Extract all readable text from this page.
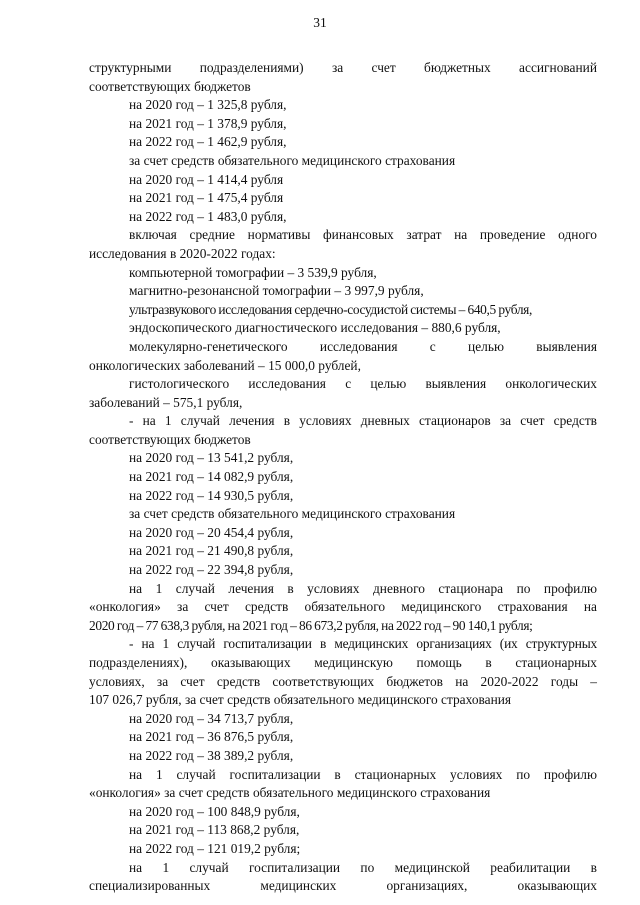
31
структурными подразделениями) за счет бюджетных ассигнований
соответствующих бюджетов
на 2020 год – 1 325,8 рубля,
на 2021 год – 1 378,9 рубля,
на 2022 год – 1 462,9 рубля,
за счет средств обязательного медицинского страхования
на 2020 год – 1 414,4 рубля
на 2021 год – 1 475,4 рубля
на 2022 год – 1 483,0 рубля,
включая средние нормативы финансовых затрат на проведение одного
исследования в 2020-2022 годах:
компьютерной томографии – 3 539,9 рубля,
магнитно-резонансной томографии – 3 997,9 рубля,
ультразвукового исследования сердечно-сосудистой системы – 640,5 рубля,
эндоскопического диагностического исследования – 880,6 рубля,
молекулярно-генетического исследования с целью выявления
онкологических заболеваний – 15 000,0 рублей,
гистологического исследования с целью выявления онкологических
заболеваний – 575,1 рубля,
- на 1 случай лечения в условиях дневных стационаров за счет средств
соответствующих бюджетов
на 2020 год – 13 541,2 рубля,
на 2021 год – 14 082,9 рубля,
на 2022 год – 14 930,5 рубля,
за счет средств обязательного медицинского страхования
на 2020 год – 20 454,4 рубля,
на 2021 год – 21 490,8 рубля,
на 2022 год – 22 394,8 рубля,
на 1 случай лечения в условиях дневного стационара по профилю
«онкология» за счет средств обязательного медицинского страхования на
2020 год – 77 638,3 рубля, на 2021 год – 86 673,2 рубля, на 2022 год – 90 140,1 рубля;
- на 1 случай госпитализации в медицинских организациях (их структурных
подразделениях), оказывающих медицинскую помощь в стационарных
условиях, за счет средств соответствующих бюджетов на 2020-2022 годы –
107 026,7 рубля, за счет средств обязательного медицинского страхования
на 2020 год – 34 713,7 рубля,
на 2021 год – 36 876,5 рубля,
на 2022 год – 38 389,2 рубля,
на 1 случай госпитализации в стационарных условиях по профилю
«онкология» за счет средств обязательного медицинского страхования
на 2020 год – 100 848,9 рубля,
на 2021 год – 113 868,2 рубля,
на 2022 год – 121 019,2 рубля;
на 1 случай госпитализации по медицинской реабилитации в
специализированных медицинских организациях, оказывающих
